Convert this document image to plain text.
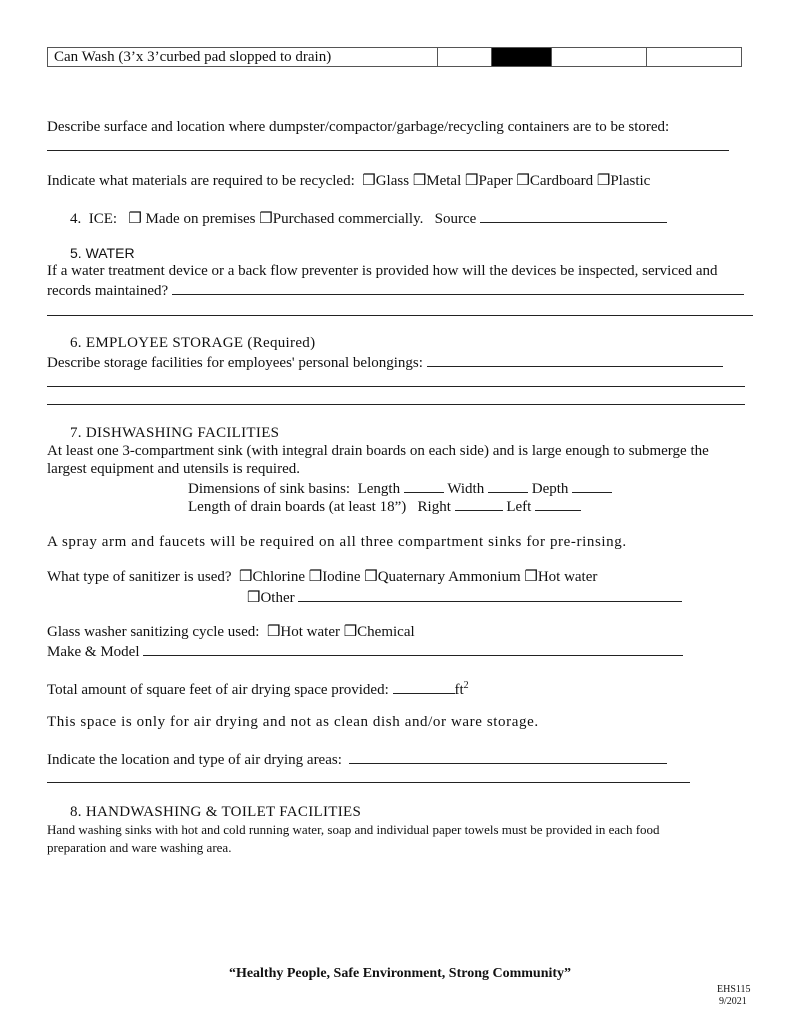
Can Wash (3’x 3’curbed pad slopped to drain)				
Describe surface and location where dumpster/compactor/garbage/recycling containers are to be stored:
Indicate what materials are required to be recycled: ❒Glass ❒Metal ❒Paper ❒Cardboard ❒Plastic
4. ICE: ❒ Made on premises ❒Purchased commercially. Source
5. WATER
If a water treatment device or a back flow preventer is provided how will the devices be inspected, serviced and
records maintained?
6. EMPLOYEE STORAGE (Required)
Describe storage facilities for employees' personal belongings:
7. DISHWASHING FACILITIES
At least one 3-compartment sink (with integral drain boards on each side) and is large enough to submerge the
largest equipment and utensils is required.
Dimensions of sink basins: Length	Width	Depth
Length of drain boards (at least 18”) Right	Left
A spray arm and faucets will be required on all three compartment sinks for pre-rinsing.
What type of sanitizer is used? ❒Chlorine ❒Iodine ❒Quaternary Ammonium ❒Hot water
❒Other
Glass washer sanitizing cycle used: ❒Hot water ❒Chemical
Make & Model
Total amount of square feet of air drying space provided:	$ft^2$
This space is only for air drying and not as clean dish and/or ware storage.
Indicate the location and type of air drying areas:
8. HANDWASHING & TOILET FACILITIES
Hand washing sinks with hot and cold running water, soap and individual paper towels must be provided in each food
preparation and ware washing area.
“Healthy People, Safe Environment, Strong Community”
EHS115
9/2021
